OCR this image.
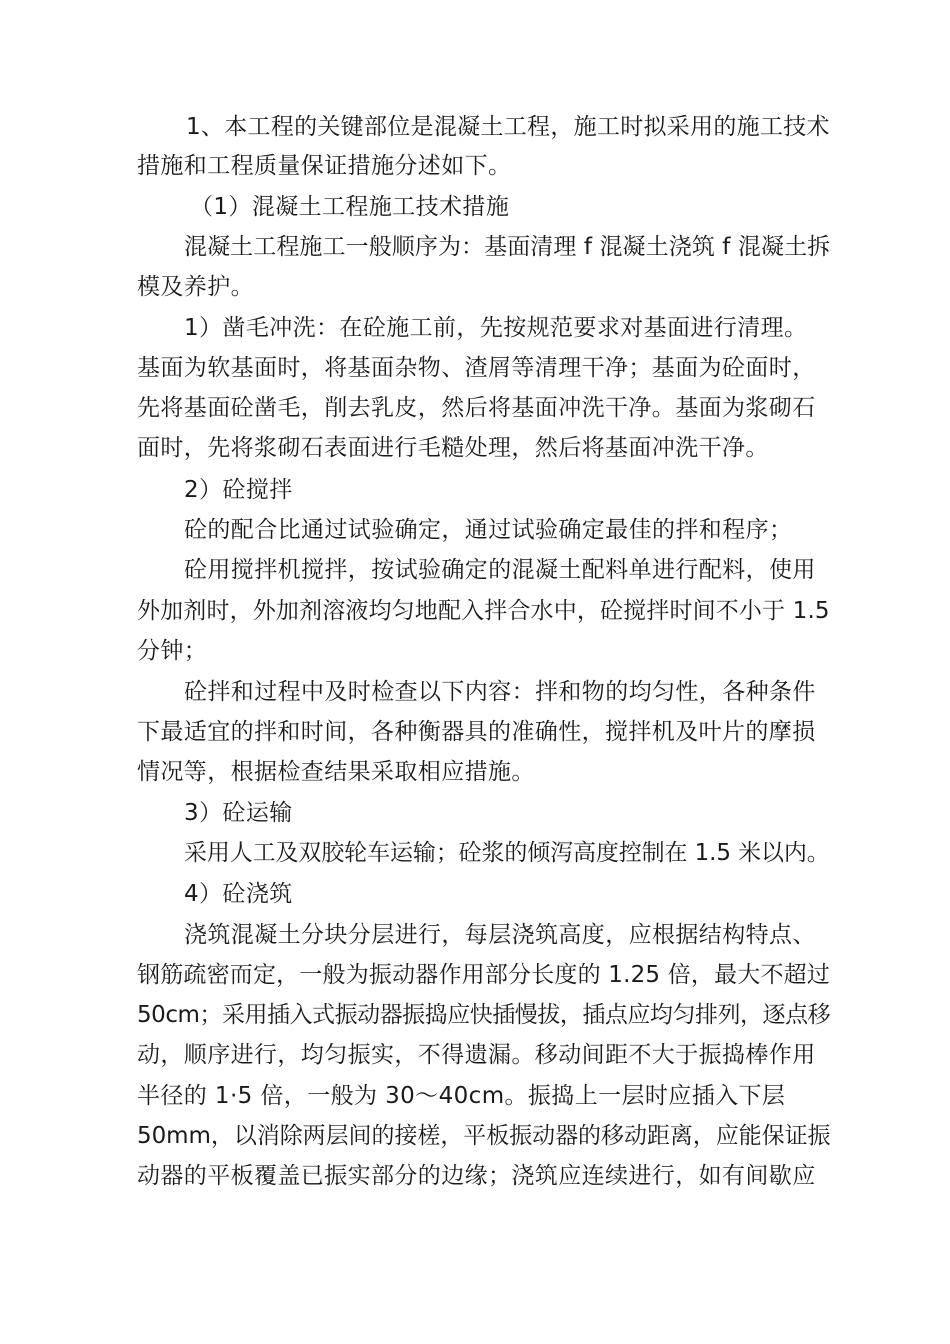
1、本工程的关键部位是混凝土工程，施工时拟采用的施工技术
措施和工程质量保证措施分述如下。
（1）混凝土工程施工技术措施
混凝土工程施工一般顺序为：基面清理 f 混凝土浇筑 f 混凝土拆
模及养护。
1）凿毛冲洗：在砼施工前，先按规范要求对基面进行清理。
基面为软基面时，将基面杂物、渣屑等清理干净；基面为砼面时，
先将基面砼凿毛，削去乳皮，然后将基面冲洗干净。基面为浆砌石
面时，先将浆砌石表面进行毛糙处理，然后将基面冲洗干净。
2）砼搅拌
砼的配合比通过试验确定，通过试验确定最佳的拌和程序；
砼用搅拌机搅拌，按试验确定的混凝土配料单进行配料，使用
外加剂时，外加剂溶液均匀地配入拌合水中，砼搅拌时间不小于 1.5
分钟；
砼拌和过程中及时检查以下内容：拌和物的均匀性，各种条件
下最适宜的拌和时间，各种衡器具的准确性，搅拌机及叶片的摩损
情况等，根据检查结果采取相应措施。
3）砼运输
采用人工及双胶轮车运输；砼浆的倾泻高度控制在 1.5 米以内。
4）砼浇筑
浇筑混凝土分块分层进行，每层浇筑高度，应根据结构特点、
钢筋疏密而定，一般为振动器作用部分长度的 1.25 倍，最大不超过
50cm；采用插入式振动器振捣应快插慢拔，插点应均匀排列，逐点移
动，顺序进行，均匀振实，不得遗漏。移动间距不大于振捣棒作用
半径的 1·5 倍，一般为 30～40cm。振捣上一层时应插入下层
50mm，以消除两层间的接槎，平板振动器的移动距离，应能保证振
动器的平板覆盖已振实部分的边缘；浇筑应连续进行，如有间歇应
